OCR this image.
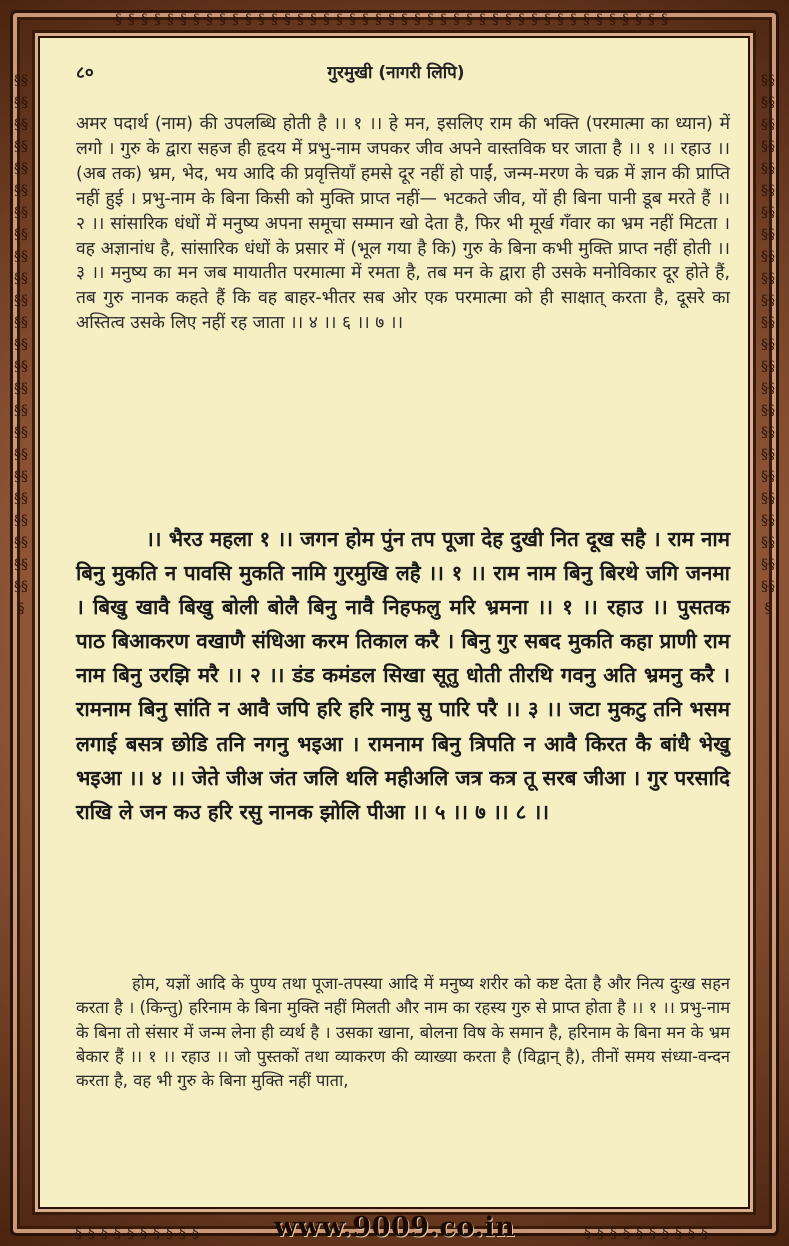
§§§§§§§§§§§§§§§§§§§§§§§§§§§§§§§§§§§§§§§§§§§
§§§§§§§§§§	§§§§§§§§§§
§§§§§§§§§§§§§§§§§§§§§§§§§§§§§§§§§§§§§§§§§§§§§§§§§
§§§§§§§§§§§§§§§§§§§§§§§§§§§§§§§§§§§§§§§§§§§§§§§§§
८०	गुरमुखी (नागरी लिपि)

अमर पदार्थ (नाम) की उपलब्धि होती है ।। १ ।। हे मन, इसलिए राम की भक्ति (परमात्मा का ध्यान) में लगो । गुरु के द्वारा सहज ही हृदय में प्रभु-नाम जपकर जीव अपने वास्तविक घर जाता है ।। १ ।। रहाउ ।। (अब तक) भ्रम, भेद, भय आदि की प्रवृत्तियाँ हमसे दूर नहीं हो पाईं, जन्म-मरण के चक्र में ज्ञान की प्राप्ति नहीं हुई । प्रभु-नाम के बिना किसी को मुक्ति प्राप्त नहीं— भटकते जीव, यों ही बिना पानी डूब मरते हैं ।। २ ।। सांसारिक धंधों में मनुष्य अपना समूचा सम्मान खो देता है, फिर भी मूर्ख गँवार का भ्रम नहीं मिटता । वह अज्ञानांध है, सांसारिक धंधों के प्रसार में (भूल गया है कि) गुरु के बिना कभी मुक्ति प्राप्त नहीं होती ।। ३ ।। मनुष्य का मन जब मायातीत परमात्मा में रमता है, तब मन के द्वारा ही उसके मनोविकार दूर होते हैं, तब गुरु नानक कहते हैं कि वह बाहर-भीतर सब ओर एक परमात्मा को ही साक्षात् करता है, दूसरे का अस्तित्व उसके लिए नहीं रह जाता ।। ४ ।। ६ ।। ७ ।।

।। भैरउ महला १ ।। जगन होम पुंन तप पूजा देह दुखी नित दूख सहै । राम नाम बिनु मुकति न पावसि मुकति नामि गुरमुखि लहै ।। १ ।। राम नाम बिनु बिरथे जगि जनमा । बिखु खावै बिखु बोली बोलै बिनु नावै निहफलु मरि भ्रमना ।। १ ।। रहाउ ।। पुसतक पाठ बिआकरण वखाणै संधिआ करम तिकाल करै । बिनु गुर सबद मुकति कहा प्राणी राम नाम बिनु उरझि मरै ।। २ ।। डंड कमंडल सिखा सूतु धोती तीरथि गवनु अति भ्रमनु करै । रामनाम बिनु सांति न आवै जपि हरि हरि नामु सु पारि परै ।। ३ ।। जटा मुकटु तनि भसम लगाई बसत्र छोडि तनि नगनु भइआ । रामनाम बिनु त्रिपति न आवै किरत कै बांधै भेखु भइआ ।। ४ ।। जेते जीअ जंत जलि थलि महीअलि जत्र कत्र तू सरब जीआ । गुर परसादि राखि ले जन कउ हरि रसु नानक झोलि पीआ ।। ५ ।। ७ ।। ८ ।।

होम, यज्ञों आदि के पुण्य तथा पूजा-तपस्या आदि में मनुष्य शरीर को कष्ट देता है और नित्य दुःख सहन करता है । (किन्तु) हरिनाम के बिना मुक्ति नहीं मिलती और नाम का रहस्य गुरु से प्राप्त होता है ।। १ ।। प्रभु-नाम के बिना तो संसार में जन्म लेना ही व्यर्थ है । उसका खाना, बोलना विष के समान है, हरिनाम के बिना मन के भ्रम बेकार हैं ।। १ ।। रहाउ ।। जो पुस्तकों तथा व्याकरण की व्याख्या करता है (विद्वान् है), तीनों समय संध्या-वन्दन करता है, वह भी गुरु के बिना मुक्ति नहीं पाता,

www.9009.co.in
